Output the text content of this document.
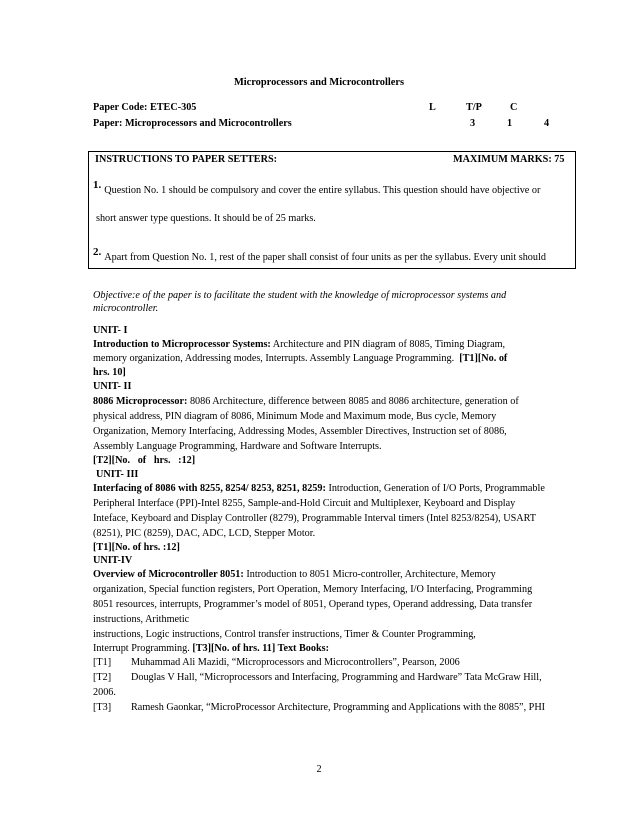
Microprocessors and Microcontrollers
Paper Code: ETEC-305
Paper: Microprocessors and Microcontrollers
L	T/P	C
3	1	4
INSTRUCTIONS TO PAPER SETTERS:	MAXIMUM MARKS: 75
1. Question No. 1 should be compulsory and cover the entire syllabus. This question should have objective or
short answer type questions. It should be of 25 marks.
2. Apart from Question No. 1, rest of the paper shall consist of four units as per the syllabus. Every unit should
Objective:e of the paper is to facilitate the student with the knowledge of microprocessor systems and
microcontroller.
UNIT- I
Introduction to Microprocessor Systems: Architecture and PIN diagram of 8085, Timing Diagram,
memory organization, Addressing modes, Interrupts. Assembly Language Programming. [T1][No. of
hrs. 10]
UNIT- II
8086 Microprocessor: 8086 Architecture, difference between 8085 and 8086 architecture, generation of
physical address, PIN diagram of 8086, Minimum Mode and Maximum mode, Bus cycle, Memory
Organization, Memory Interfacing, Addressing Modes, Assembler Directives, Instruction set of 8086,
Assembly Language Programming, Hardware and Software Interrupts.
[T2][No.   of   hrs.   :12]
UNIT- III
Interfacing of 8086 with 8255, 8254/ 8253, 8251, 8259: Introduction, Generation of I/O Ports, Programmable
Peripheral Interface (PPI)-Intel 8255, Sample-and-Hold Circuit and Multiplexer, Keyboard and Display
Inteface, Keyboard and Display Controller (8279), Programmable Interval timers (Intel 8253/8254), USART
(8251), PIC (8259), DAC, ADC, LCD, Stepper Motor.
[T1][No. of hrs. :12]
UNIT-IV
Overview of Microcontroller 8051: Introduction to 8051 Micro-controller, Architecture, Memory
organization, Special function registers, Port Operation, Memory Interfacing, I/O Interfacing, Programming
8051 resources, interrupts, Programmer’s model of 8051, Operand types, Operand addressing, Data transfer
instructions, Arithmetic
instructions, Logic instructions, Control transfer instructions, Timer & Counter Programming,
Interrupt Programming. [T3][No. of hrs. 11] Text Books:
[T1] Muhammad Ali Mazidi, “Microprocessors and Microcontrollers”, Pearson, 2006
[T2] Douglas V Hall, “Microprocessors and Interfacing, Programming and Hardware” Tata McGraw Hill,
2006.
[T3] Ramesh Gaonkar, “MicroProcessor Architecture, Programming and Applications with the 8085”, PHI
2
